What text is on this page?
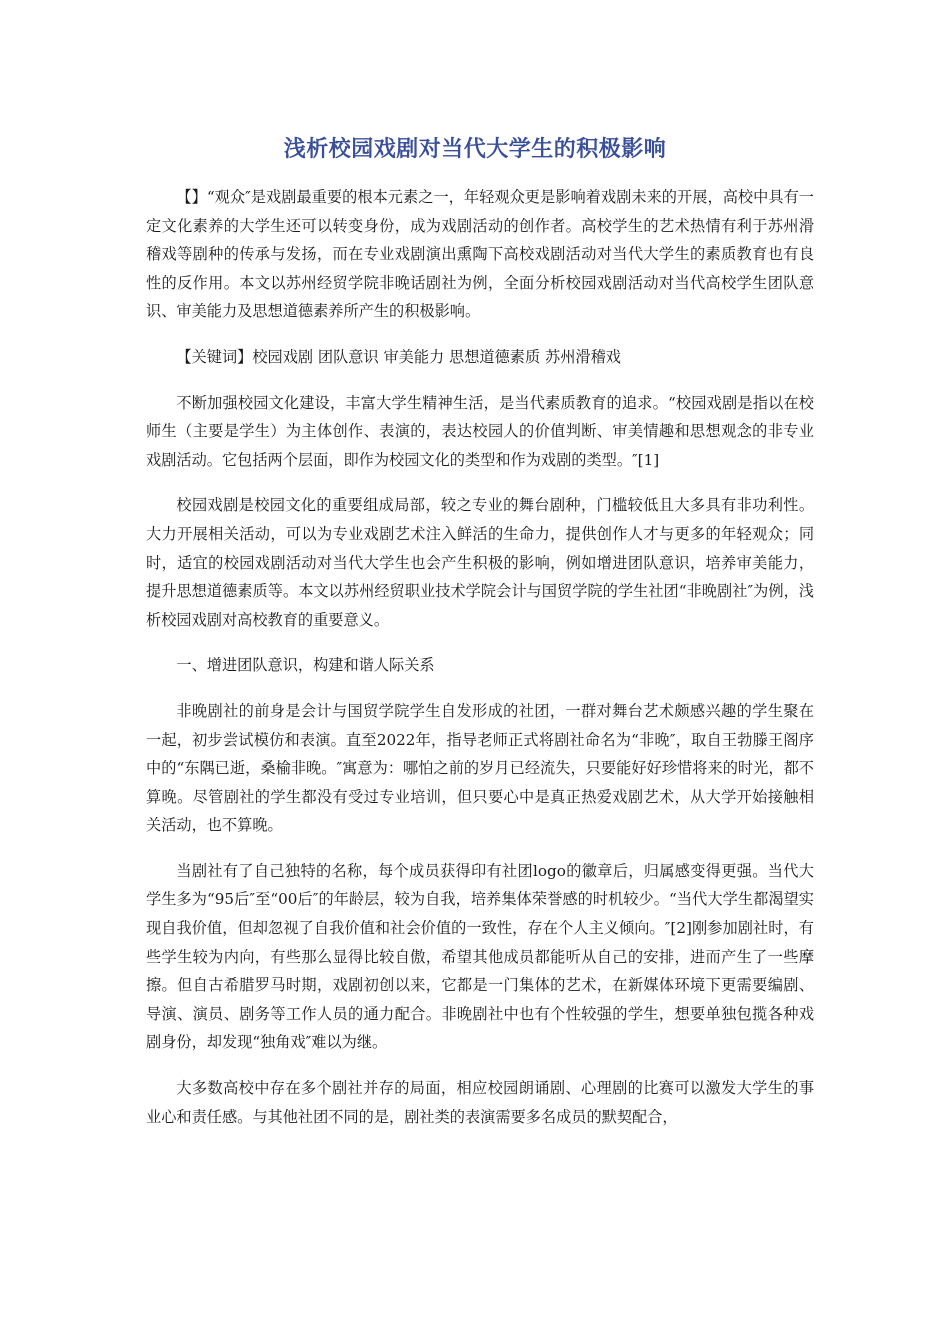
浅析校园戏剧对当代大学生的积极影响

【】“观众″是戏剧最重要的根本元素之一，年轻观众更是影响着戏剧未来的开展，高校中具有一定文化素养的大学生还可以转变身份，成为戏剧活动的创作者。高校学生的艺术热情有利于苏州滑稽戏等剧种的传承与发扬，而在专业戏剧演出熏陶下高校戏剧活动对当代大学生的素质教育也有良性的反作用。本文以苏州经贸学院非晚话剧社为例，全面分析校园戏剧活动对当代高校学生团队意识、审美能力及思想道德素养所产生的积极影响。

【关键词】校园戏剧 团队意识 审美能力 思想道德素质 苏州滑稽戏

不断加强校园文化建设，丰富大学生精神生活，是当代素质教育的追求。“校园戏剧是指以在校师生（主要是学生）为主体创作、表演的，表达校园人的价值判断、审美情趣和思想观念的非专业戏剧活动。它包括两个层面，即作为校园文化的类型和作为戏剧的类型。″[1]

校园戏剧是校园文化的重要组成局部，较之专业的舞台剧种，门槛较低且大多具有非功利性。大力开展相关活动，可以为专业戏剧艺术注入鲜活的生命力，提供创作人才与更多的年轻观众；同时，适宜的校园戏剧活动对当代大学生也会产生积极的影响，例如增进团队意识，培养审美能力，提升思想道德素质等。本文以苏州经贸职业技术学院会计与国贸学院的学生社团“非晚剧社″为例，浅析校园戏剧对高校教育的重要意义。

一、增进团队意识，构建和谐人际关系

非晚剧社的前身是会计与国贸学院学生自发形成的社团，一群对舞台艺术颇感兴趣的学生聚在一起，初步尝试模仿和表演。直至2022年，指导老师正式将剧社命名为“非晚″，取自王勃滕王阁序中的“东隅已逝，桑榆非晚。″寓意为：哪怕之前的岁月已经流失，只要能好好珍惜将来的时光，都不算晚。尽管剧社的学生都没有受过专业培训，但只要心中是真正热爱戏剧艺术，从大学开始接触相关活动，也不算晚。

当剧社有了自己独特的名称，每个成员获得印有社团logo的徽章后，归属感变得更强。当代大学生多为“95后″至“00后″的年龄层，较为自我，培养集体荣誉感的时机较少。“当代大学生都渴望实现自我价值，但却忽视了自我价值和社会价值的一致性，存在个人主义倾向。″[2]刚参加剧社时，有些学生较为内向，有些那么显得比较自傲，希望其他成员都能听从自己的安排，进而产生了一些摩擦。但自古希腊罗马时期，戏剧初创以来，它都是一门集体的艺术，在新媒体环境下更需要编剧、导演、演员、剧务等工作人员的通力配合。非晚剧社中也有个性较强的学生，想要单独包揽各种戏剧身份，却发现“独角戏″难以为继。

大多数高校中存在多个剧社并存的局面，相应校园朗诵剧、心理剧的比赛可以激发大学生的事业心和责任感。与其他社团不同的是，剧社类的表演需要多名成员的默契配合，
